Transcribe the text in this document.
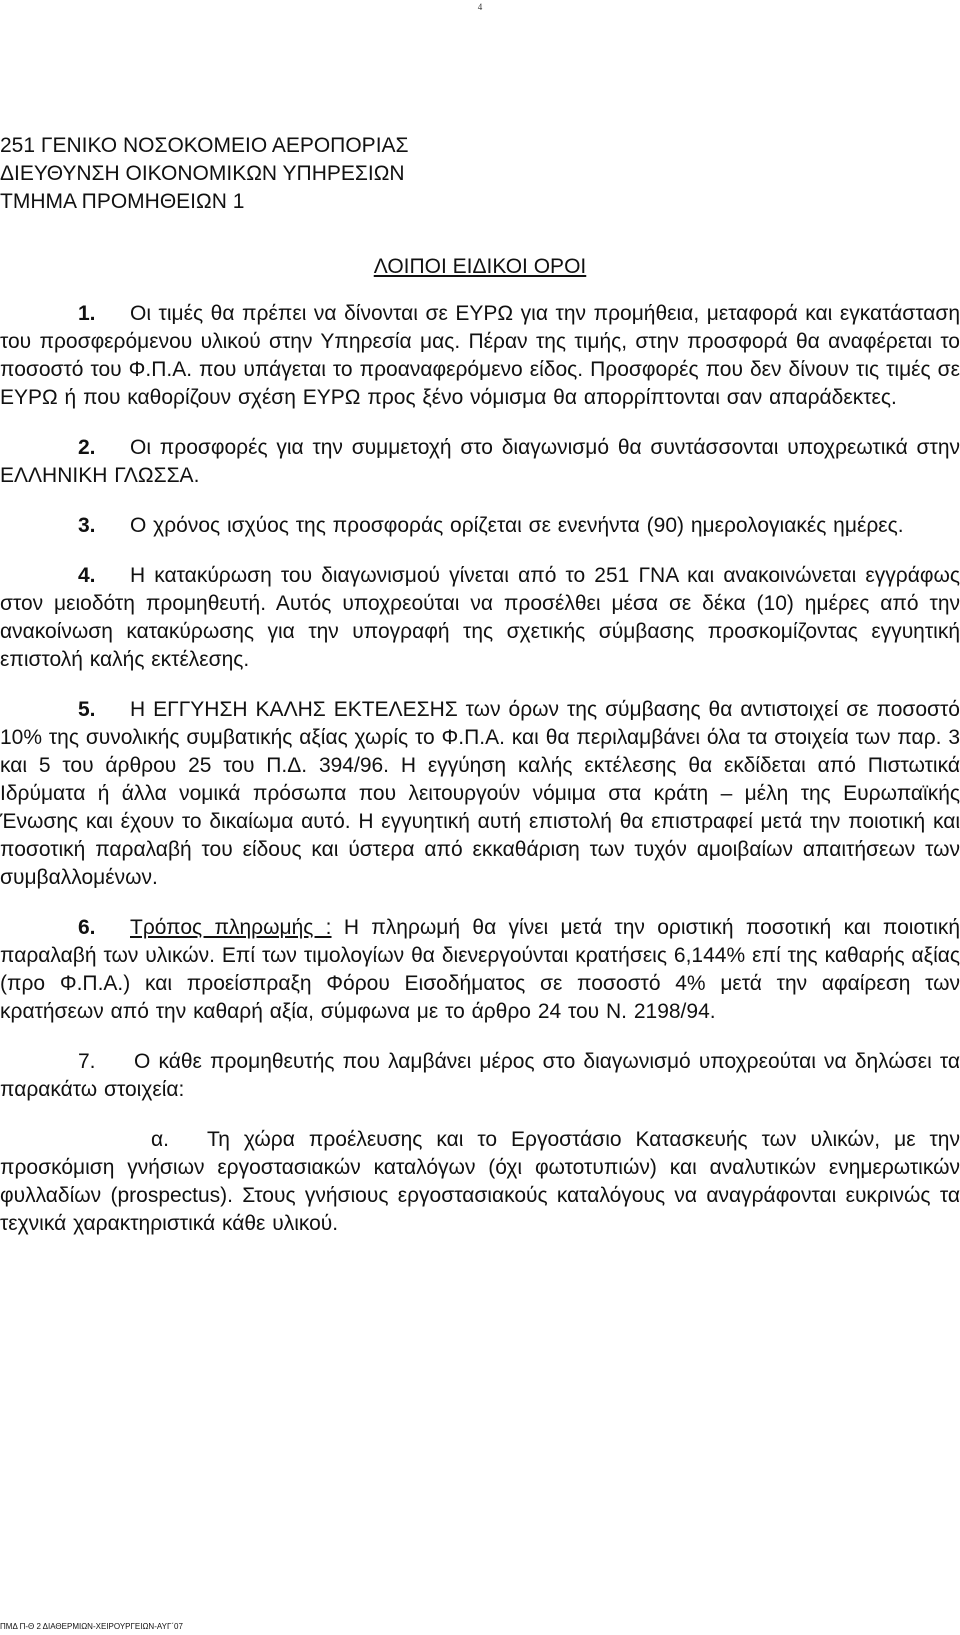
4
251 ΓΕΝΙΚΟ ΝΟΣΟΚΟΜΕΙΟ ΑΕΡΟΠΟΡΙΑΣ
ΔΙΕΥΘΥΝΣΗ ΟΙΚΟΝΟΜΙΚΩΝ ΥΠΗΡΕΣΙΩΝ
ΤΜΗΜΑ ΠΡΟΜΗΘΕΙΩΝ 1
ΛΟΙΠΟΙ ΕΙΔΙΚΟΙ ΟΡΟΙ

1. Οι τιμές θα πρέπει να δίνονται σε ΕΥΡΩ για την προμήθεια, μεταφορά και εγκατάσταση του προσφερόμενου υλικού στην Υπηρεσία μας. Πέραν της τιμής, στην προσφορά θα αναφέρεται το ποσοστό του Φ.Π.Α. που υπάγεται το προαναφερόμενο είδος. Προσφορές που δεν δίνουν τις τιμές σε ΕΥΡΩ ή που καθορίζουν σχέση ΕΥΡΩ προς ξένο νόμισμα θα απορρίπτονται σαν απαράδεκτες.

2. Οι προσφορές για την συμμετοχή στο διαγωνισμό θα συντάσσονται υποχρεωτικά στην ΕΛΛΗΝΙΚΗ ΓΛΩΣΣΑ.

3. Ο χρόνος ισχύος της προσφοράς ορίζεται σε ενενήντα (90) ημερολογιακές ημέρες.

4. Η κατακύρωση του διαγωνισμού γίνεται από το 251 ΓΝΑ και ανακοινώνεται εγγράφως στον μειοδότη προμηθευτή. Αυτός υποχρεούται να προσέλθει μέσα σε δέκα (10) ημέρες από την ανακοίνωση κατακύρωσης για την υπογραφή της σχετικής σύμβασης προσκομίζοντας εγγυητική επιστολή καλής εκτέλεσης.

5. Η ΕΓΓΥΗΣΗ ΚΑΛΗΣ ΕΚΤΕΛΕΣΗΣ των όρων της σύμβασης θα αντιστοιχεί σε ποσοστό 10% της συνολικής συμβατικής αξίας χωρίς το Φ.Π.Α. και θα περιλαμβάνει όλα τα στοιχεία των παρ. 3 και 5 του άρθρου 25 του Π.Δ. 394/96. Η εγγύηση καλής εκτέλεσης θα εκδίδεται από Πιστωτικά Ιδρύματα ή άλλα νομικά πρόσωπα που λειτουργούν νόμιμα στα κράτη – μέλη της Ευρωπαϊκής Ένωσης και έχουν το δικαίωμα αυτό. Η εγγυητική αυτή επιστολή θα επιστραφεί μετά την ποιοτική και ποσοτική παραλαβή του είδους και ύστερα από εκκαθάριση των τυχόν αμοιβαίων απαιτήσεων των συμβαλλομένων.

6. Τρόπος πληρωμής : Η πληρωμή θα γίνει μετά την οριστική ποσοτική και ποιοτική παραλαβή των υλικών. Επί των τιμολογίων θα διενεργούνται κρατήσεις 6,144% επί της καθαρής αξίας (προ Φ.Π.Α.) και προείσπραξη Φόρου Εισοδήματος σε ποσοστό 4% μετά την αφαίρεση των κρατήσεων από την καθαρή αξία, σύμφωνα με το άρθρο 24 του Ν. 2198/94.

7. Ο κάθε προμηθευτής που λαμβάνει μέρος στο διαγωνισμό υποχρεούται να δηλώσει τα παρακάτω στοιχεία:

α. Τη χώρα προέλευσης και το Εργοστάσιο Κατασκευής των υλικών, με την προσκόμιση γνήσιων εργοστασιακών καταλόγων (όχι φωτοτυπιών) και αναλυτικών ενημερωτικών φυλλαδίων (prospectus). Στους γνήσιους εργοστασιακούς καταλόγους να αναγράφονται ευκρινώς τα τεχνικά χαρακτηριστικά κάθε υλικού.

ΠΜΔ Π-Θ 2 ΔΙΑΘΕΡΜΙΩΝ-ΧΕΙΡΟΥΡΓΕΙΩΝ-ΑΥΓ΄07
